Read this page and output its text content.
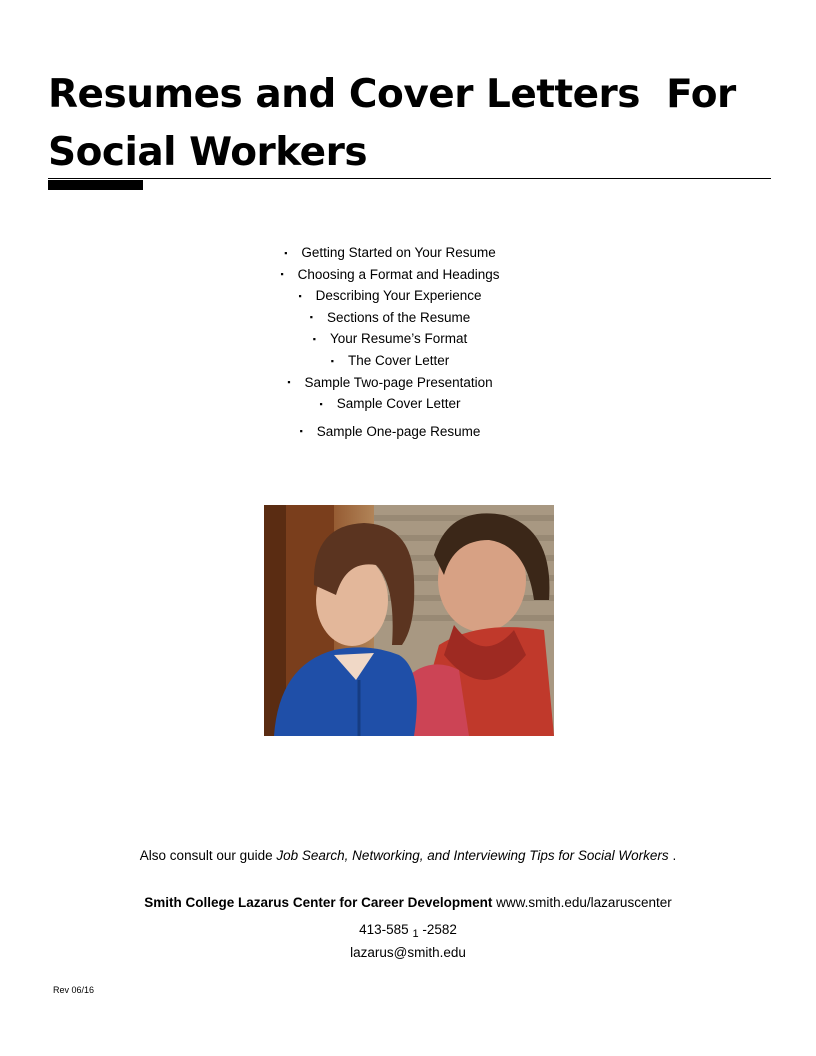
Resumes and Cover Letters  For
Social Workers
▪ Getting Started on Your Resume
▪ Choosing a Format and Headings
▪ Describing Your Experience
▪ Sections of the Resume
▪ Your Resume’s Format
▪ The Cover Letter
▪ Sample Two-page Presentation
▪ Sample Cover Letter
▪ Sample One-page Resume
Also consult our guide Job Search, Networking, and Interviewing Tips for Social Workers .
Smith College Lazarus Center for Career Development www.smith.edu/lazaruscenter
413-585 $_1$ -2582
lazarus@smith.edu
Rev 06/16
